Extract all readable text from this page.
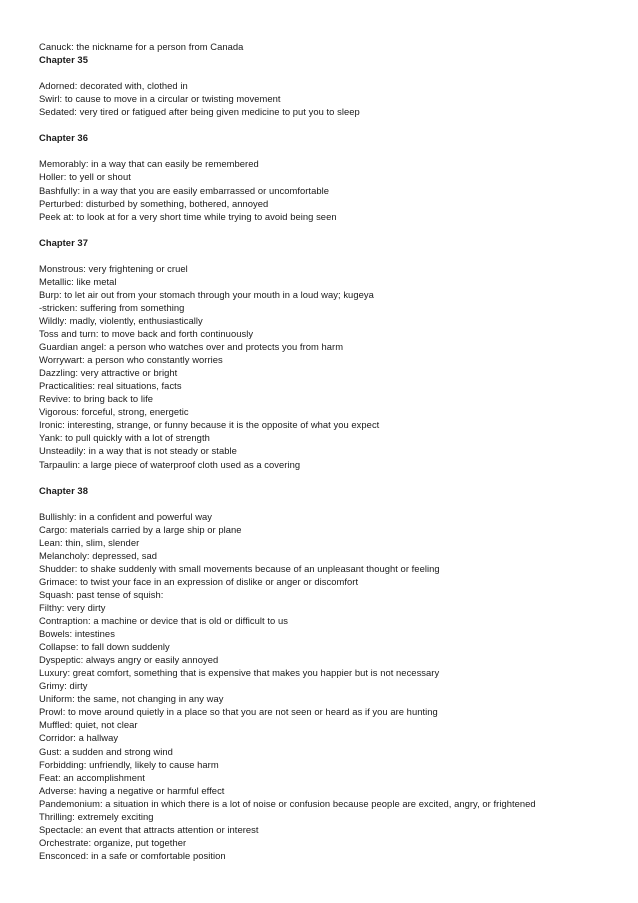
Canuck: the nickname for a person from Canada
Chapter 35
Adorned: decorated with, clothed in
Swirl: to cause to move in a circular or twisting movement
Sedated: very tired or fatigued after being given medicine to put you to sleep
Chapter 36
Memorably: in a way that can easily be remembered
Holler: to yell or shout
Bashfully: in a way that you are easily embarrassed or uncomfortable
Perturbed: disturbed by something, bothered, annoyed
Peek at: to look at for a very short time while trying to avoid being seen
Chapter 37
Monstrous: very frightening or cruel
Metallic: like metal
Burp: to let air out from your stomach through your mouth in a loud way; kugeya
-stricken: suffering from something
Wildly: madly, violently, enthusiastically
Toss and turn: to move back and forth continuously
Guardian angel: a person who watches over and protects you from harm
Worrywart: a person who constantly worries
Dazzling: very attractive or bright
Practicalities: real situations, facts
Revive: to bring back to life
Vigorous: forceful, strong, energetic
Ironic: interesting, strange, or funny because it is the opposite of what you expect
Yank: to pull quickly with a lot of strength
Unsteadily: in a way that is not steady or stable
Tarpaulin: a large piece of waterproof cloth used as a covering
Chapter 38
Bullishly: in a confident and powerful way
Cargo: materials carried by a large ship or plane
Lean: thin, slim, slender
Melancholy: depressed, sad
Shudder: to shake suddenly with small movements because of an unpleasant thought or feeling
Grimace: to twist your face in an expression of dislike or anger or discomfort
Squash: past tense of squish:
Filthy: very dirty
Contraption: a machine or device that is old or difficult to us
Bowels: intestines
Collapse: to fall down suddenly
Dyspeptic: always angry or easily annoyed
Luxury: great comfort, something that is expensive that makes you happier but is not necessary
Grimy: dirty
Uniform: the same, not changing in any way
Prowl: to move around quietly in a place so that you are not seen or heard as if you are hunting
Muffled: quiet, not clear
Corridor: a hallway
Gust: a sudden and strong wind
Forbidding: unfriendly, likely to cause harm
Feat: an accomplishment
Adverse: having a negative or harmful effect
Pandemonium: a situation in which there is a lot of noise or confusion because people are excited, angry, or frightened
Thrilling: extremely exciting
Spectacle: an event that attracts attention or interest
Orchestrate: organize, put together
Ensconced: in a safe or comfortable position
